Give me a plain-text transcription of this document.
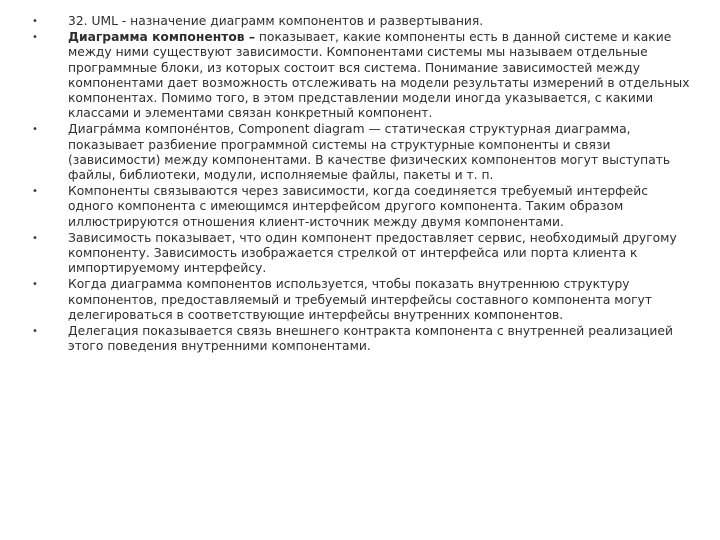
• 32. UML - назначение диаграмм компонентов и развертывания.
• Диаграмма компонентов – показывает, какие компоненты есть в данной системе и какие между ними существуют зависимости. Компонентами системы мы называем отдельные программные блоки, из которых состоит вся система. Понимание зависимостей между компонентами дает возможность отслеживать на модели результаты измерений в отдельных компонентах. Помимо того, в этом представлении модели иногда указывается, с какими классами и элементами связан конкретный компонент.
• Диагра́мма компоне́нтов, Component diagram — статическая структурная диаграмма, показывает разбиение программной системы на структурные компоненты и связи (зависимости) между компонентами. В качестве физических компонентов могут выступать файлы, библиотеки, модули, исполняемые файлы, пакеты и т. п.
• Компоненты связываются через зависимости, когда соединяется требуемый интерфейс одного компонента с имеющимся интерфейсом другого компонента. Таким образом иллюстрируются отношения клиент-источник между двумя компонентами.
• Зависимость показывает, что один компонент предоставляет сервис, необходимый другому компоненту. Зависимость изображается стрелкой от интерфейса или порта клиента к импортируемому интерфейсу.
• Когда диаграмма компонентов используется, чтобы показать внутреннюю структуру компонентов, предоставляемый и требуемый интерфейсы составного компонента могут делегироваться в соответствующие интерфейсы внутренних компонентов.
• Делегация показывается связь внешнего контракта компонента с внутренней реализацией этого поведения внутренними компонентами.
